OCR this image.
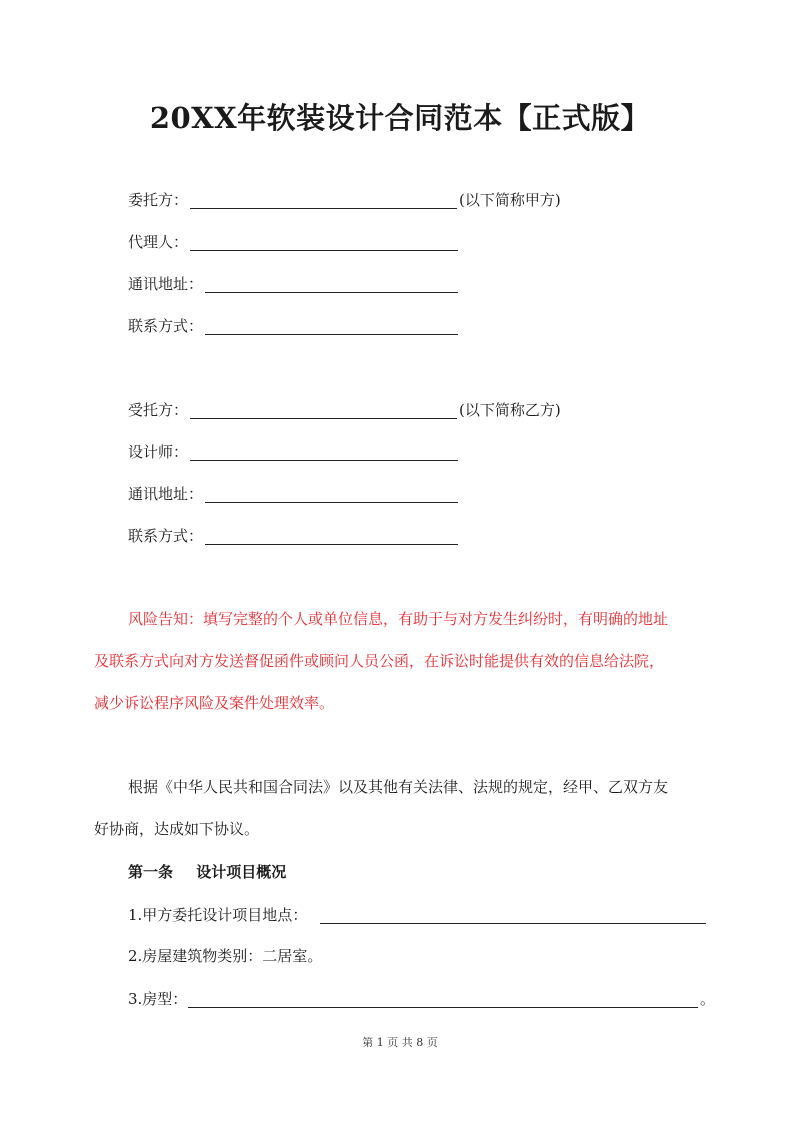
20XX年软装设计合同范本【正式版】
委托方：	(以下简称甲方)
代理人：
通讯地址：
联系方式：
受托方：	(以下简称乙方)
设计师：
通讯地址：
联系方式：
风险告知：填写完整的个人或单位信息，有助于与对方发生纠纷时，有明确的地址
及联系方式向对方发送督促函件或顾问人员公函，在诉讼时能提供有效的信息给法院，
减少诉讼程序风险及案件处理效率。
根据《中华人民共和国合同法》以及其他有关法律、法规的规定，经甲、乙双方友
好协商，达成如下协议。
第一条 设计项目概况
1.甲方委托设计项目地点：
2.房屋建筑物类别：二居室。
3.房型：	。
第 1 页 共 8 页
